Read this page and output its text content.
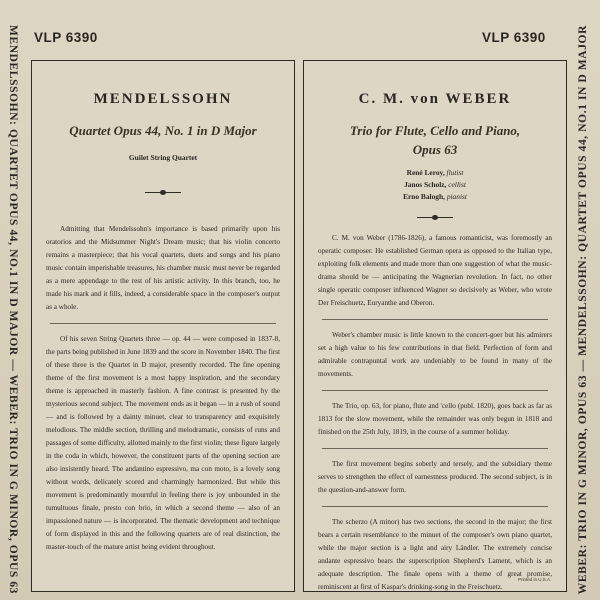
VLP 6390	VLP 6390
MENDELSSOHN: QUARTET OPUS 44, NO.1 IN D MAJOR — WEBER: TRIO IN G MINOR, OPUS 63	WEBER: TRIO IN G MINOR, OPUS 63 — MENDELSSOHN: QUARTET OPUS 44, NO.1 IN D MAJOR
MENDELSSOHN
Quartet Opus 44, No. 1 in D Major
Guilet String Quartet

Admitting that Mendelssohn's importance is based primarily upon his oratorios and the Midsummer Night's Dream music; that his violin concerto remains a masterpiece; that his vocal quartets, duets and songs and his piano music contain imperishable treasures, his chamber music must never be regarded as a mere appendage to the rest of his artistic activity. In this branch, too, he made his mark and it fills, indeed, a considerable space in the composer's output as a whole.

Of his seven String Quartets three — op. 44 — were composed in 1837-8, the parts being published in June 1839 and the score in November 1840. The first of these three is the Quartet in D major, presently recorded. The fine opening theme of the first movement is a most happy inspiration, and the secondary theme is approached in masterly fashion. A fine contrast is presented by the mysterious second subject. The movement ends as it began — in a rush of sound — and is followed by a dainty minuet, clear to transparency and exquisitely melodious. The middle section, thrilling and melodramatic, consists of runs and passages of some difficulty, allotted mainly to the first violin; these figure largely in the coda in which, however, the constituent parts of the opening section are also insistently heard. The andantino espressivo, ma con moto, is a lovely song without words, delicately scored and charmingly harmonized. But while this movement is predominantly mournful in feeling there is joy unbounded in the tumultuous finale, presto con brio, in which a second theme — also of an impassioned nature — is incorporated. The thematic development and technique of form displayed in this and the following quartets are of real distinction, the master-touch of the mature artist being evident throughout.

C. M. von WEBER
Trio for Flute, Cello and Piano,
Opus 63
René Leroy, flutist
Janos Scholz, cellist
Erno Balogh, pianist

C. M. von Weber (1786-1826), a famous romanticist, was foremostly an operatic composer. He established German opera as opposed to the Italian type, exploiting folk elements and made more than one suggestion of what the music-drama should be — anticipating the Wagnerian revolution. In fact, no other single operatic composer influenced Wagner so decisively as Weber, who wrote Der Freischuetz, Euryanthe and Oberon.

Weber's chamber music is little known to the concert-goer but his admirers set a high value to his few contributions in that field. Perfection of form and admirable contrapuntal work are undeniably to be found in many of the movements.

The Trio, op. 63, for piano, flute and 'cello (publ. 1820), goes back as far as 1813 for the slow movement, while the remainder was only begun in 1818 and finished on the 25th July, 1819, in the course of a summer holiday.

The first movement begins soberly and tersely, and the subsidiary theme serves to strengthen the effect of earnestness produced. The second subject, is in the question-and-answer form.

The scherzo (A minor) has two sections, the second in the major; the first bears a certain resemblance to the minuet of the composer's own piano quartet, while the major section is a light and airy Ländler. The extremely concise andante espressivo bears the superscription Shepherd's Lament, which is an adequate description. The finale opens with a theme of great promise, reminiscent at first of Kaspar's drinking-song in the Freischuetz.

Printed in U.S.A.
